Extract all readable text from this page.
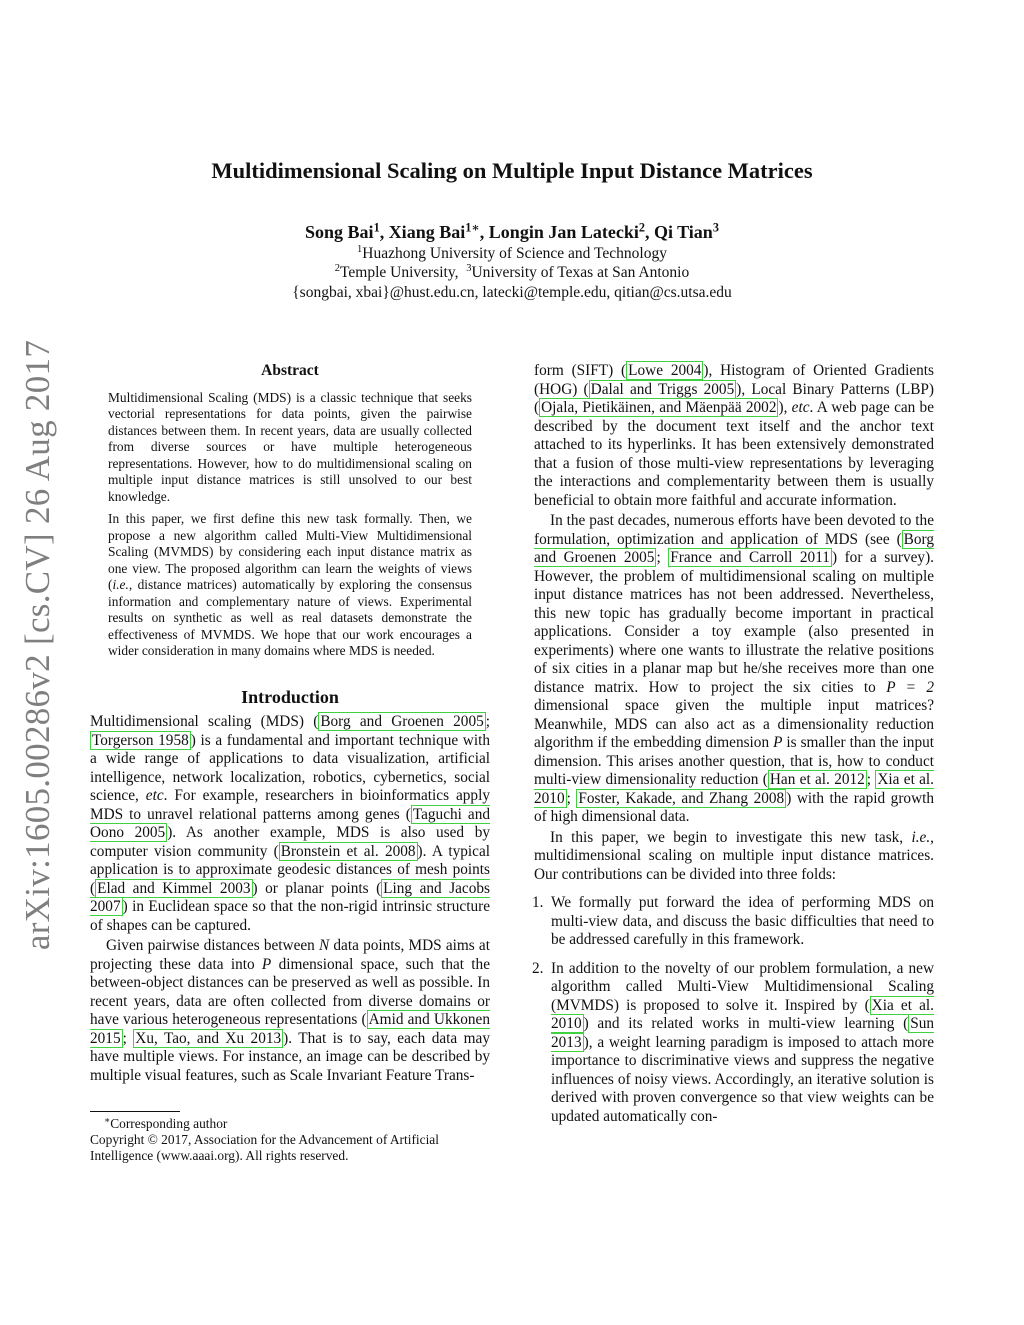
arXiv:1605.00286v2 [cs.CV] 26 Aug 2017
Multidimensional Scaling on Multiple Input Distance Matrices
Song Bai$^1$, Xiang Bai$^{1∗}$, Longin Jan Latecki$^2$, Qi Tian$^3$
$^1$Huazhong University of Science and Technology
$^2$Temple University, $^3$University of Texas at San Antonio
{songbai, xbai}@hust.edu.cn, latecki@temple.edu, qitian@cs.utsa.edu
Abstract

Multidimensional Scaling (MDS) is a classic technique that seeks vectorial representations for data points, given the pairwise distances between them. In recent years, data are usually collected from diverse sources or have multiple heterogeneous representations. However, how to do multidimensional scaling on multiple input distance matrices is still unsolved to our best knowledge.

In this paper, we first define this new task formally. Then, we propose a new algorithm called Multi-View Multidimensional Scaling (MVMDS) by considering each input distance matrix as one view. The proposed algorithm can learn the weights of views (i.e., distance matrices) automatically by exploring the consensus information and complementary nature of views. Experimental results on synthetic as well as real datasets demonstrate the effectiveness of MVMDS. We hope that our work encourages a wider consideration in many domains where MDS is needed.

Introduction

Multidimensional scaling (MDS) ( Borg and Groenen 2005 ; Torgerson 1958 ) is a fundamental and important technique with a wide range of applications to data visualization, artificial intelligence, network localization, robotics, cybernetics, social science, etc. For example, researchers in bioinformatics apply MDS to unravel relational patterns among genes ( Taguchi and Oono 2005 ). As another example, MDS is also used by computer vision community ( Bronstein et al. 2008 ). A typical application is to approximate geodesic distances of mesh points ( Elad and Kimmel 2003 ) or planar points ( Ling and Jacobs 2007 ) in Euclidean space so that the non-rigid intrinsic structure of shapes can be captured.

Given pairwise distances between N data points, MDS aims at projecting these data into P dimensional space, such that the between-object distances can be preserved as well as possible. In recent years, data are often collected from diverse domains or have various heterogeneous representations ( Amid and Ukkonen 2015 ; Xu, Tao, and Xu 2013 ). That is to say, each data may have multiple views. For instance, an image can be described by multiple visual features, such as Scale Invariant Feature Trans-

∗Corresponding author

Copyright © 2017, Association for the Advancement of Artificial Intelligence (www.aaai.org). All rights reserved.

form (SIFT) ( Lowe 2004 ), Histogram of Oriented Gradients (HOG) ( Dalal and Triggs 2005 ), Local Binary Patterns (LBP) ( Ojala, Pietikäinen, and Mäenpää 2002 ), etc. A web page can be described by the document text itself and the anchor text attached to its hyperlinks. It has been extensively demonstrated that a fusion of those multi-view representations by leveraging the interactions and complementarity between them is usually beneficial to obtain more faithful and accurate information.

In the past decades, numerous efforts have been devoted to the formulation, optimization and application of MDS (see ( Borg and Groenen 2005 ; France and Carroll 2011 ) for a survey). However, the problem of multidimensional scaling on multiple input distance matrices has not been addressed. Nevertheless, this new topic has gradually become important in practical applications. Consider a toy example (also presented in experiments) where one wants to illustrate the relative positions of six cities in a planar map but he/she receives more than one distance matrix. How to project the six cities to P = 2 dimensional space given the multiple input matrices? Meanwhile, MDS can also act as a dimensionality reduction algorithm if the embedding dimension P is smaller than the input dimension. This arises another question, that is, how to conduct multi-view dimensionality reduction ( Han et al. 2012 ; Xia et al. 2010 ; Foster, Kakade, and Zhang 2008 ) with the rapid growth of high dimensional data.

In this paper, we begin to investigate this new task, i.e., multidimensional scaling on multiple input distance matrices. Our contributions can be divided into three folds:

1. We formally put forward the idea of performing MDS on multi-view data, and discuss the basic difficulties that need to be addressed carefully in this framework.
2. In addition to the novelty of our problem formulation, a new algorithm called Multi-View Multidimensional Scaling (MVMDS) is proposed to solve it. Inspired by ( Xia et al. 2010 ) and its related works in multi-view learning ( Sun 2013 ), a weight learning paradigm is imposed to attach more importance to discriminative views and suppress the negative influences of noisy views. Accordingly, an iterative solution is derived with proven convergence so that view weights can be updated automatically con-
